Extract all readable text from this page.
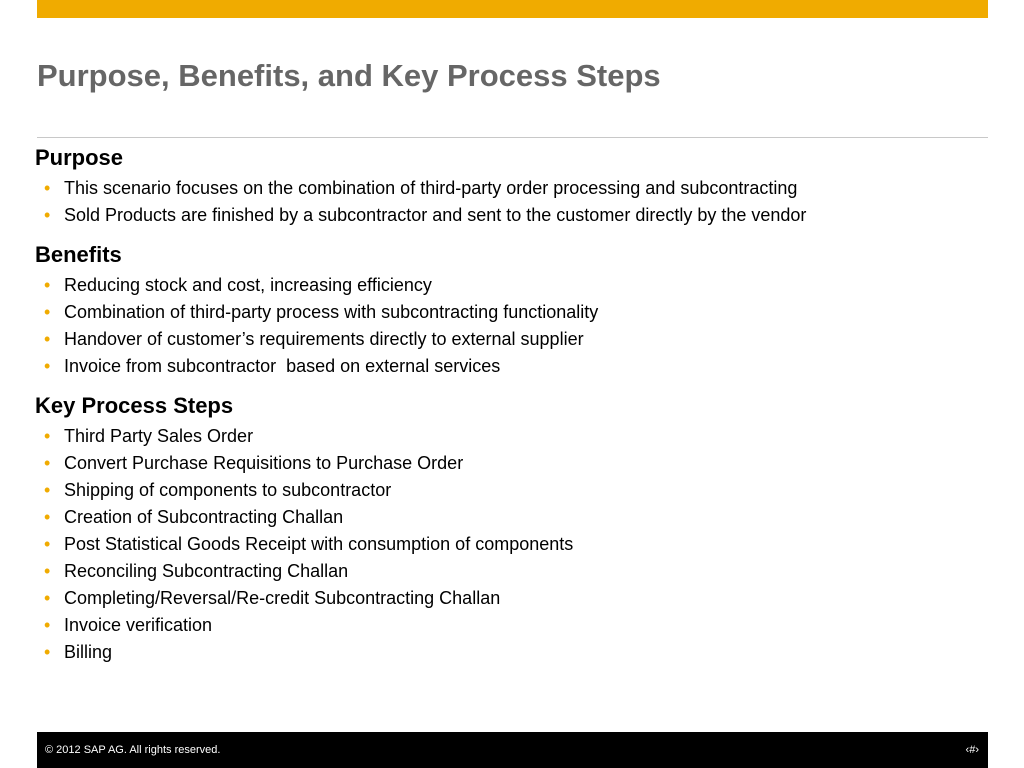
Purpose, Benefits, and Key Process Steps
Purpose
• This scenario focuses on the combination of third-party order processing and subcontracting
• Sold Products are finished by a subcontractor and sent to the customer directly by the vendor
Benefits
• Reducing stock and cost, increasing efficiency
• Combination of third-party process with subcontracting functionality
• Handover of customer’s requirements directly to external supplier
• Invoice from subcontractor  based on external services
Key Process Steps
• Third Party Sales Order
• Convert Purchase Requisitions to Purchase Order
• Shipping of components to subcontractor
• Creation of Subcontracting Challan
• Post Statistical Goods Receipt with consumption of components
• Reconciling Subcontracting Challan
• Completing/Reversal/Re-credit Subcontracting Challan
• Invoice verification
• Billing
© 2012 SAP AG. All rights reserved.	‹#›
